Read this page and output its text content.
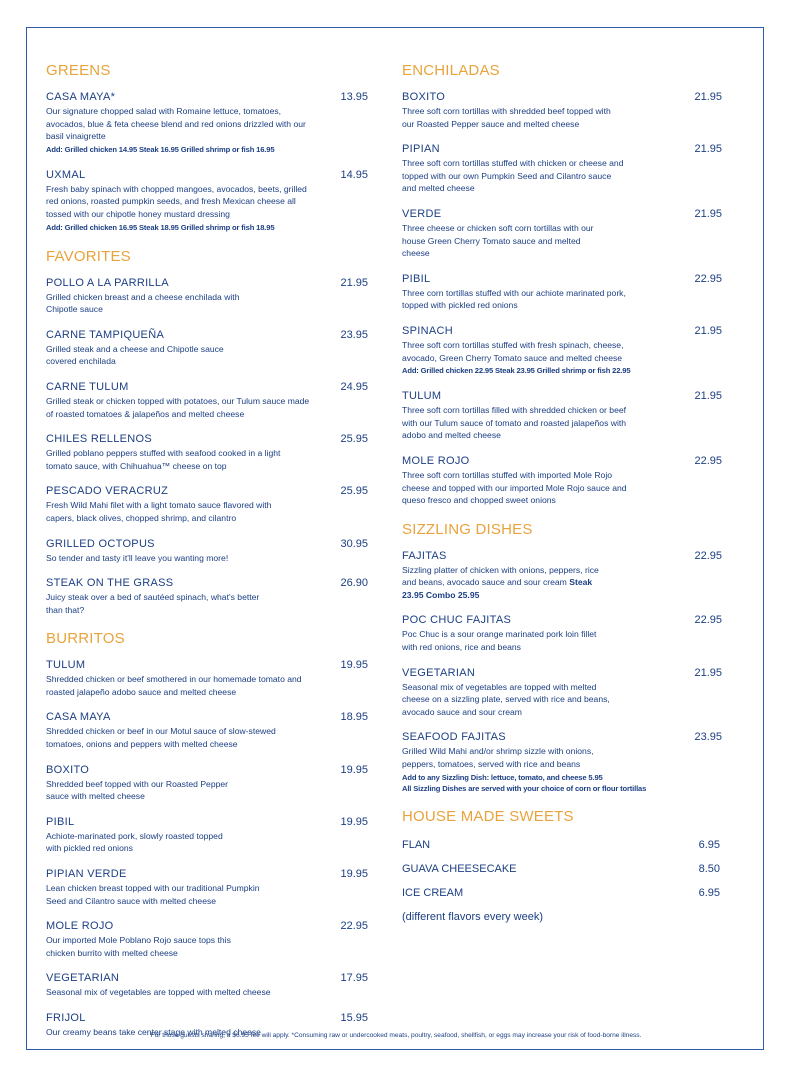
GREENS
CASA MAYA*	13.95
Our signature chopped salad with Romaine lettuce, tomatoes, avocados, blue & feta cheese blend and red onions drizzled with our basil vinaigrette
Add: Grilled chicken 14.95 Steak 16.95 Grilled shrimp or fish 16.95
UXMAL	14.95
Fresh baby spinach with chopped mangoes, avocados, beets, grilled red onions, roasted pumpkin seeds, and fresh Mexican cheese all tossed with our chipotle honey mustard dressing
Add: Grilled chicken 16.95 Steak 18.95 Grilled shrimp or fish 18.95
FAVORITES
POLLO A LA PARRILLA	21.95
Grilled chicken breast and a cheese enchilada with Chipotle sauce
CARNE TAMPIQUEÑA	23.95
Grilled steak and a cheese and Chipotle sauce covered enchilada
CARNE TULUM	24.95
Grilled steak or chicken topped with potatoes, our Tulum sauce made of roasted tomatoes & jalapeños and melted cheese
CHILES RELLENOS	25.95
Grilled poblano peppers stuffed with seafood cooked in a light tomato sauce, with Chihuahua™ cheese on top
PESCADO VERACRUZ	25.95
Fresh Wild Mahi filet with a light tomato sauce flavored with capers, black olives, chopped shrimp, and cilantro
GRILLED OCTOPUS	30.95
So tender and tasty it'll leave you wanting more!
STEAK ON THE GRASS	26.90
Juicy steak over a bed of sautéed spinach, what's better than that?
BURRITOS
TULUM	19.95
Shredded chicken or beef smothered in our homemade tomato and roasted jalapeño adobo sauce and melted cheese
CASA MAYA	18.95
Shredded chicken or beef in our Motul sauce of slow-stewed tomatoes, onions and peppers with melted cheese
BOXITO	19.95
Shredded beef topped with our Roasted Pepper sauce with melted cheese
PIBIL	19.95
Achiote-marinated pork, slowly roasted topped with pickled red onions
PIPIAN VERDE	19.95
Lean chicken breast topped with our traditional Pumpkin Seed and Cilantro sauce with melted cheese
MOLE ROJO	22.95
Our imported Mole Poblano Rojo sauce tops this chicken burrito with melted cheese
VEGETARIAN	17.95
Seasonal mix of vegetables are topped with melted cheese
FRIJOL	15.95
Our creamy beans take center stage with melted cheese
ENCHILADAS
BOXITO	21.95
Three soft corn tortillas with shredded beef topped with our Roasted Pepper sauce and melted cheese
PIPIAN	21.95
Three soft corn tortillas stuffed with chicken or cheese and topped with our own Pumpkin Seed and Cilantro sauce and melted cheese
VERDE	21.95
Three cheese or chicken soft corn tortillas with our house Green Cherry Tomato sauce and melted cheese
PIBIL	22.95
Three corn tortillas stuffed with our achiote marinated pork, topped with pickled red onions
SPINACH	21.95
Three soft corn tortillas stuffed with fresh spinach, cheese, avocado, Green Cherry Tomato sauce and melted cheese
Add: Grilled chicken 22.95 Steak 23.95 Grilled shrimp or fish 22.95
TULUM	21.95
Three soft corn tortillas filled with shredded chicken or beef with our Tulum sauce of tomato and roasted jalapeños with adobo and melted cheese
MOLE ROJO	22.95
Three soft corn tortillas stuffed with imported Mole Rojo cheese and topped with our imported Mole Rojo sauce and queso fresco and chopped sweet onions
SIZZLING DISHES
FAJITAS	22.95
Sizzling platter of chicken with onions, peppers, rice and beans, avocado sauce and sour cream Steak 23.95 Combo 25.95
POC CHUC FAJITAS	22.95
Poc Chuc is a sour orange marinated pork loin fillet with red onions, rice and beans
VEGETARIAN	21.95
Seasonal mix of vegetables are topped with melted cheese on a sizzling plate, served with rice and beans, avocado sauce and sour cream
SEAFOOD FAJITAS	23.95
Grilled Wild Mahi and/or shrimp sizzle with onions, peppers, tomatoes, served with rice and beans
Add to any Sizzling Dish: lettuce, tomato, and cheese 5.95
All Sizzling Dishes are served with your choice of corn or flour tortillas
HOUSE MADE SWEETS
FLAN	6.95
GUAVA CHEESECAKE	8.50
ICE CREAM	6.95
(different flavors every week)
For those guests sharing, a $6.95 fee will apply. *Consuming raw or undercooked meats, poultry, seafood, shellfish, or eggs may increase your risk of food-borne illness.
